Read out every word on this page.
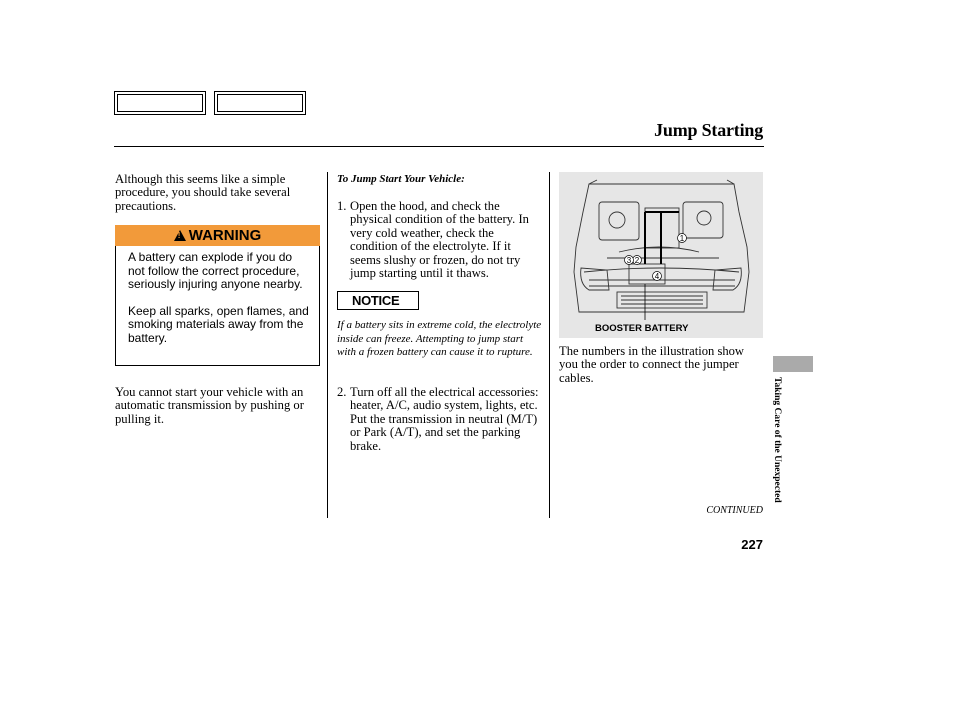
Jump Starting
Although this seems like a simple procedure, you should take several precautions.
!WARNING

A battery can explode if you do not follow the correct procedure, seriously injuring anyone nearby.

Keep all sparks, open flames, and smoking materials away from the battery.

You cannot start your vehicle with an automatic transmission by pushing or pulling it.
To Jump Start Your Vehicle:
1. Open the hood, and check the physical condition of the battery. In very cold weather, check the condition of the electrolyte. If it seems slushy or frozen, do not try jump starting until it thaws.
NOTICE
If a battery sits in extreme cold, the electrolyte inside can freeze. Attempting to jump start with a frozen battery can cause it to rupture.
2. Turn off all the electrical accessories: heater, A/C, audio system, lights, etc. Put the transmission in neutral (M/T) or Park (A/T), and set the parking brake.
1
2
3
4
BOOSTER BATTERY
The numbers in the illustration show you the order to connect the jumper cables.	Taking Care of the Unexpected
CONTINUED
227
